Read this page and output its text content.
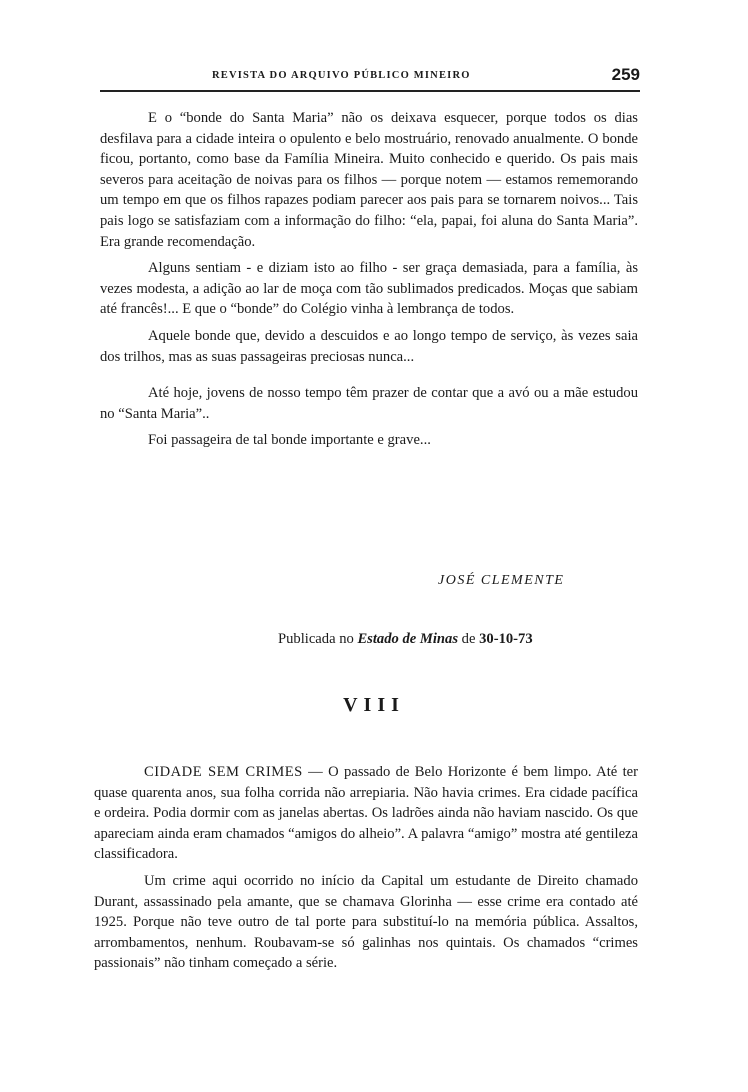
REVISTA DO ARQUIVO PÚBLICO MINEIRO	259

E o “bonde do Santa Maria” não os deixava esquecer, porque todos os dias desfilava para a cidade inteira o opulento e belo mostruário, renovado anualmente. O bonde ficou, portanto, como base da Família Mineira. Muito conhecido e querido. Os pais mais severos para aceitação de noivas para os filhos — porque notem — estamos rememorando um tempo em que os filhos rapazes podiam parecer aos pais para se tornarem noivos... Tais pais logo se satisfaziam com a informação do filho: “ela, papai, foi aluna do Santa Maria”. Era grande recomendação.

Alguns sentiam - e diziam isto ao filho - ser graça demasiada, para a família, às vezes modesta, a adição ao lar de moça com tão sublimados predicados. Moças que sabiam até francês!... E que o “bonde” do Colégio vinha à lembrança de todos.

Aquele bonde que, devido a descuidos e ao longo tempo de serviço, às vezes saia dos trilhos, mas as suas passageiras preciosas nunca...

Até hoje, jovens de nosso tempo têm prazer de contar que a avó ou a mãe estudou no “Santa Maria”..

Foi passageira de tal bonde importante e grave...

JOSÉ CLEMENTE
Publicada no Estado de Minas de 30-10-73
VIII

CIDADE SEM CRIMES — O passado de Belo Horizonte é bem limpo. Até ter quase quarenta anos, sua folha corrida não arrepiaria. Não havia crimes. Era cidade pacífica e ordeira. Podia dormir com as janelas abertas. Os ladrões ainda não haviam nascido. Os que apareciam ainda eram chamados “amigos do alheio”. A palavra “amigo” mostra até gentileza classificadora.

Um crime aqui ocorrido no início da Capital um estudante de Direito chamado Durant, assassinado pela amante, que se chamava Glorinha — esse crime era contado até 1925. Porque não teve outro de tal porte para substituí-lo na memória pública. Assaltos, arrombamentos, nenhum. Roubavam-se só galinhas nos quintais. Os chamados “crimes passionais” não tinham começado a série.
